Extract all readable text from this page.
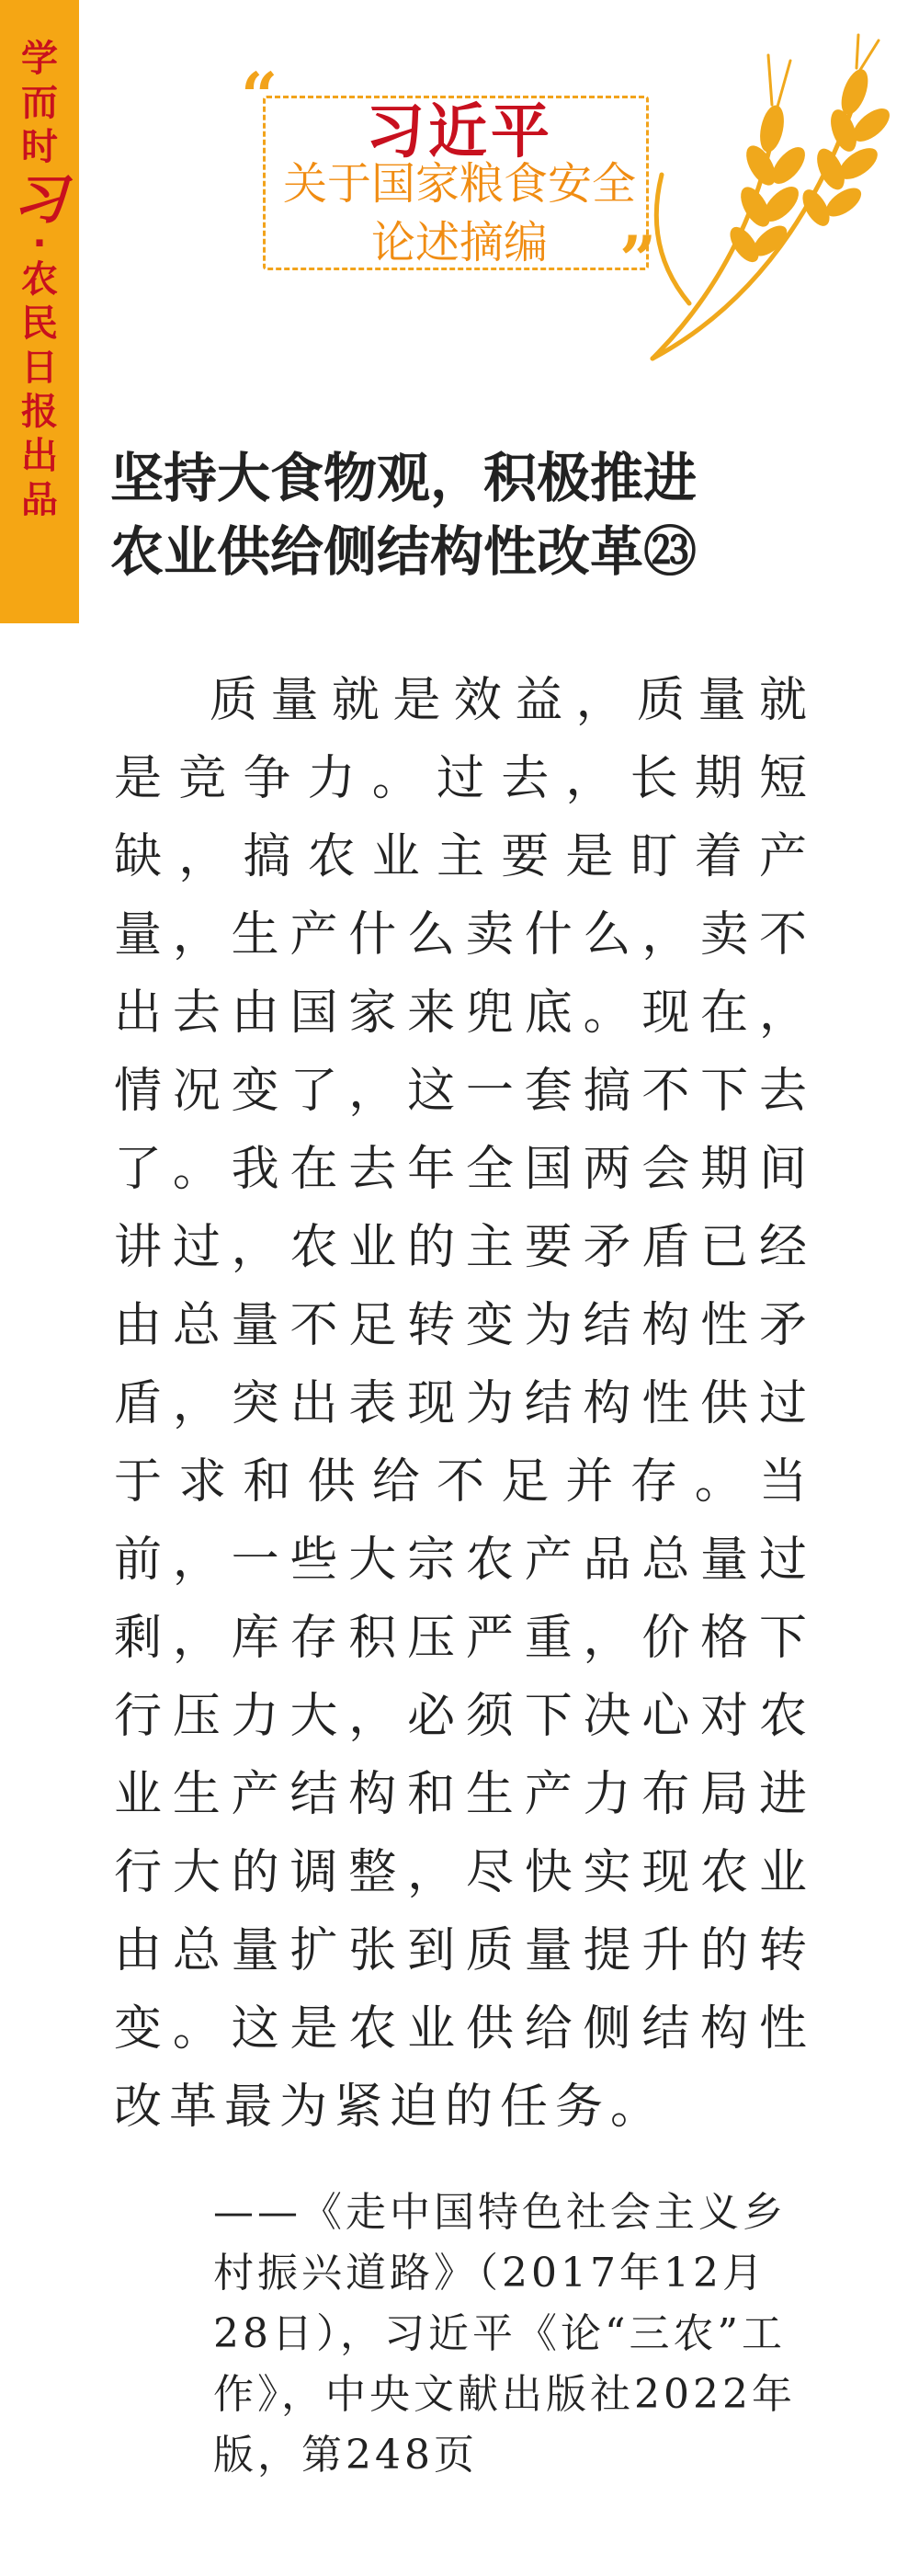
学
而
时
习
·
农
民
日
报
出
品
“
”
习近平
关于国家粮食安全
论述摘编
坚持大食物观，积极推进
农业供给侧结构性改革㉓
质量就是效益，质量就是竞争力。过去，长期短缺，搞农业主要是盯着产量，生产什么卖什么，卖不出去由国家来兜底。现在，情况变了，这一套搞不下去了。我在去年全国两会期间讲过，农业的主要矛盾已经由总量不足转变为结构性矛盾，突出表现为结构性供过于求和供给不足并存。当前，一些大宗农产品总量过剩，库存积压严重，价格下行压力大，必须下决心对农业生产结构和生产力布局进行大的调整，尽快实现农业由总量扩张到质量提升的转变。这是农业供给侧结构性改革最为紧迫的任务。
——《走中国特色社会主义乡村振兴道路》（2017年12月28日），习近平《论“三农”工作》，中央文献出版社2022年版，第248页
